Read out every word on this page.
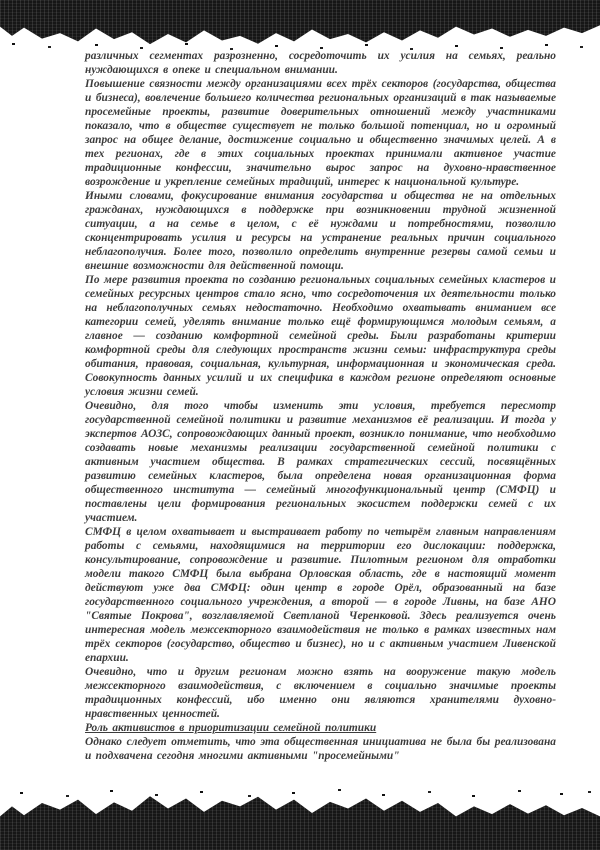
различных сегментах разрозненно, сосредоточить их усилия на семьях, реально нуждающихся в опеке и специальном внимании.

Повышение связности между организациями всех трёх секторов (государства, общества и бизнеса), вовлечение большего количества региональных организаций в так называемые просемейные проекты, развитие доверительных отношений между участниками показало, что в обществе существует не только большой потенциал, но и огромный запрос на общее делание, достижение социально и общественно значимых целей. А в тех регионах, где в этих социальных проектах принимали активное участие традиционные конфессии, значительно вырос запрос на духовно-нравственное возрождение и укрепление семейных традиций, интерес к национальной культуре.

Иными словами, фокусирование внимания государства и общества не на отдельных гражданах, нуждающихся в поддержке при возникновении трудной жизненной ситуации, а на семье в целом, с её нуждами и потребностями, позволило сконцентрировать усилия и ресурсы на устранение реальных причин социального неблагополучия. Более того, позволило определить внутренние резервы самой семьи и внешние возможности для действенной помощи.

По мере развития проекта по созданию региональных социальных семейных кластеров и семейных ресурсных центров стало ясно, что сосредоточения их деятельности только на неблагополучных семьях недостаточно. Необходимо охватывать вниманием все категории семей, уделять внимание только ещё формирующимся молодым семьям, а главное — созданию комфортной семейной среды. Были разработаны критерии комфортной среды для следующих пространств жизни семьи: инфраструктура среды обитания, правовая, социальная, культурная, информационная и экономическая среда. Совокупность данных усилий и их специфика в каждом регионе определяют основные условия жизни семей.

Очевидно, для того чтобы изменить эти условия, требуется пересмотр государственной семейной политики и развитие механизмов её реализации. И тогда у экспертов АОЗС, сопровождающих данный проект, возникло понимание, что необходимо создавать новые механизмы реализации государственной семейной политики с активным участием общества. В рамках стратегических сессий, посвящённых развитию семейных кластеров, была определена новая организационная форма общественного института — семейный многофункциональный центр (СМФЦ) и поставлены цели формирования региональных экосистем поддержки семей с их участием.

СМФЦ в целом охватывает и выстраивает работу по четырём главным направлениям работы с семьями, находящимися на территории его дислокации: поддержка, консультирование, сопровождение и развитие. Пилотным регионом для отработки модели такого СМФЦ была выбрана Орловская область, где в настоящий момент действуют уже два СМФЦ: один центр в городе Орёл, образованный на базе государственного социального учреждения, а второй — в городе Ливны, на базе АНО "Святые Покрова", возглавляемой Светланой Черенковой. Здесь реализуется очень интересная модель межсекторного взаимодействия не только в рамках известных нам трёх секторов (государство, общество и бизнес), но и с активным участием Ливенской епархии.

Очевидно, что и другим регионам можно взять на вооружение такую модель межсекторного взаимодействия, с включением в социально значимые проекты традиционных конфессий, ибо именно они являются хранителями духовно-нравственных ценностей.

Роль активистов в приоритизации семейной политики

Однако следует отметить, что эта общественная инициатива не была бы реализована и подхвачена сегодня многими активными "просемейными"
